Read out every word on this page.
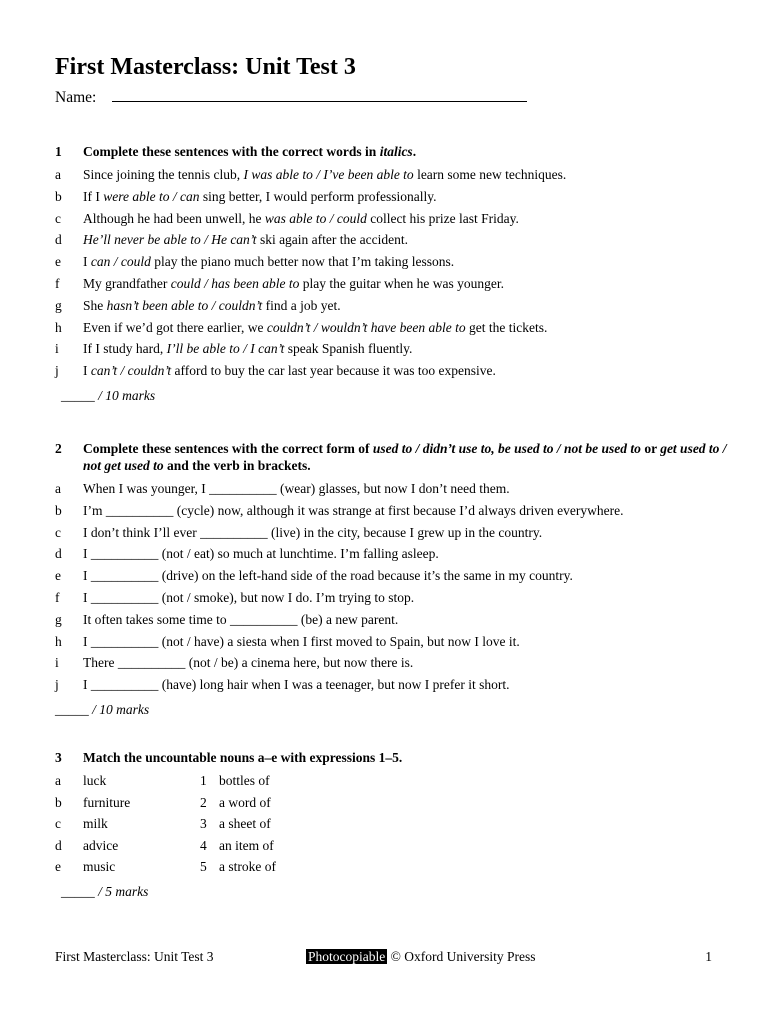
First Masterclass: Unit Test 3
Name:
1 Complete these sentences with the correct words in italics.
a Since joining the tennis club, I was able to / I’ve been able to learn some new techniques.
b If I were able to / can sing better, I would perform professionally.
c Although he had been unwell, he was able to / could collect his prize last Friday.
d He’ll never be able to / He can’t ski again after the accident.
e I can / could play the piano much better now that I’m taking lessons.
f My grandfather could / has been able to play the guitar when he was younger.
g She hasn’t been able to / couldn’t find a job yet.
h Even if we’d got there earlier, we couldn’t / wouldn’t have been able to get the tickets.
i If I study hard, I’ll be able to / I can’t speak Spanish fluently.
j I can’t / couldn’t afford to buy the car last year because it was too expensive.
_____ / 10 marks
2 Complete these sentences with the correct form of used to / didn’t use to, be used to / not be used to or get used to / not get used to and the verb in brackets.
a When I was younger, I __________ (wear) glasses, but now I don’t need them.
b I’m __________ (cycle) now, although it was strange at first because I’d always driven everywhere.
c I don’t think I’ll ever __________ (live) in the city, because I grew up in the country.
d I __________ (not / eat) so much at lunchtime. I’m falling asleep.
e I __________ (drive) on the left-hand side of the road because it’s the same in my country.
f I __________ (not / smoke), but now I do. I’m trying to stop.
g It often takes some time to __________ (be) a new parent.
h I __________ (not / have) a siesta when I first moved to Spain, but now I love it.
i There __________ (not / be) a cinema here, but now there is.
j I __________ (have) long hair when I was a teenager, but now I prefer it short.
_____ / 10 marks
3 Match the uncountable nouns a–e with expressions 1–5.
a luck	1 bottles of
b furniture	2 a word of
c milk	3 a sheet of
d advice	4 an item of
e music	5 a stroke of
_____ / 5 marks
First Masterclass: Unit Test 3	Photocopiable © Oxford University Press	1
